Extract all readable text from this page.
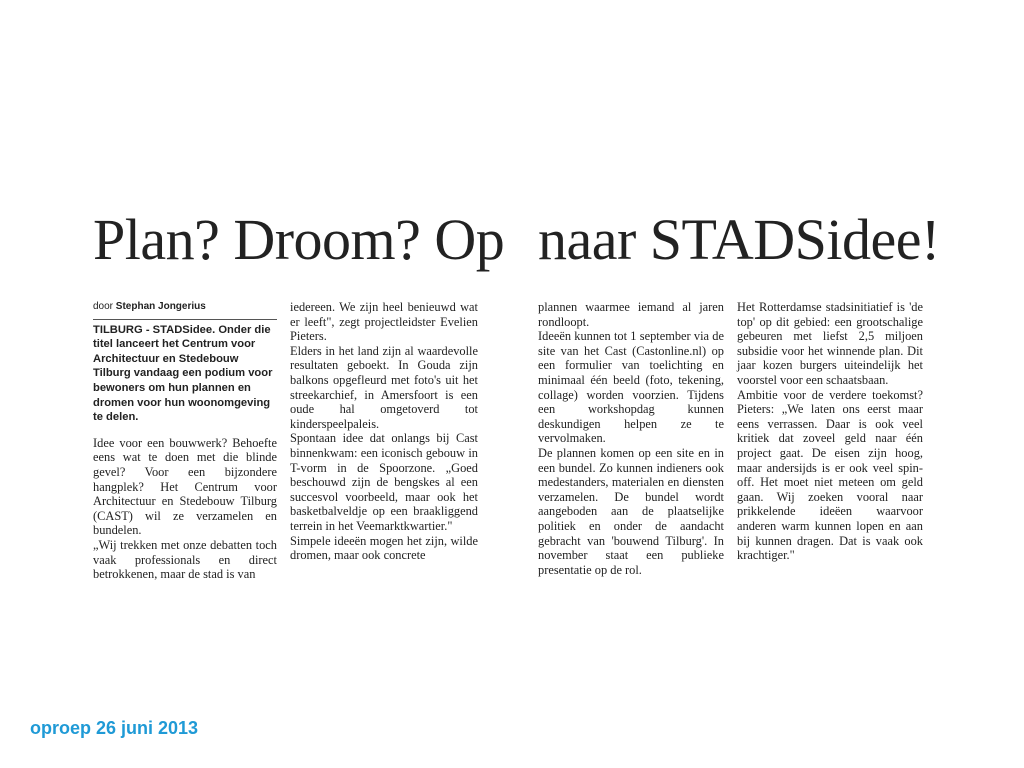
Plan? Droom? Op naar STADSidee!
door Stephan Jongerius

TILBURG - STADSidee. Onder die titel lanceert het Centrum voor Architectuur en Stedebouw Tilburg vandaag een podium voor bewoners om hun plannen en dromen voor hun woonomgeving te delen.

Idee voor een bouwwerk? Behoefte eens wat te doen met die blinde gevel? Voor een bijzondere hangplek? Het Centrum voor Architectuur en Stedebouw Tilburg (CAST) wil ze verzamelen en bundelen.

„Wij trekken met onze debatten toch vaak professionals en direct betrokkenen, maar de stad is van

iedereen. We zijn heel benieuwd wat er leeft", zegt projectleidster Evelien Pieters.

Elders in het land zijn al waardevolle resultaten geboekt. In Gouda zijn balkons opgefleurd met foto's uit het streekarchief, in Amersfoort is een oude hal omgetoverd tot kinderspeelpaleis.

Spontaan idee dat onlangs bij Cast binnenkwam: een iconisch gebouw in T-vorm in de Spoorzone. „Goed beschouwd zijn de bengskes al een succesvol voorbeeld, maar ook het basketbalveldje op een braakliggend terrein in het Veemarktkwartier."

Simpele ideeën mogen het zijn, wilde dromen, maar ook concrete

plannen waarmee iemand al jaren rondloopt.

Ideeën kunnen tot 1 september via de site van het Cast (Castonline.nl) op een formulier van toelichting en minimaal één beeld (foto, tekening, collage) worden voorzien. Tijdens een workshopdag kunnen deskundigen helpen ze te vervolmaken.

De plannen komen op een site en in een bundel. Zo kunnen indieners ook medestanders, materialen en diensten verzamelen. De bundel wordt aangeboden aan de plaatselijke politiek en onder de aandacht gebracht van 'bouwend Tilburg'. In november staat een publieke presentatie op de rol.

Het Rotterdamse stadsinitiatief is 'de top' op dit gebied: een grootschalige gebeuren met liefst 2,5 miljoen subsidie voor het winnende plan. Dit jaar kozen burgers uiteindelijk het voorstel voor een schaatsbaan.

Ambitie voor de verdere toekomst? Pieters: „We laten ons eerst maar eens verrassen. Daar is ook veel kritiek dat zoveel geld naar één project gaat. De eisen zijn hoog, maar andersijds is er ook veel spin-off. Het moet niet meteen om geld gaan. Wij zoeken vooral naar prikkelende ideëen waarvoor anderen warm kunnen lopen en aan bij kunnen dragen. Dat is vaak ook krachtiger."

oproep 26 juni 2013
